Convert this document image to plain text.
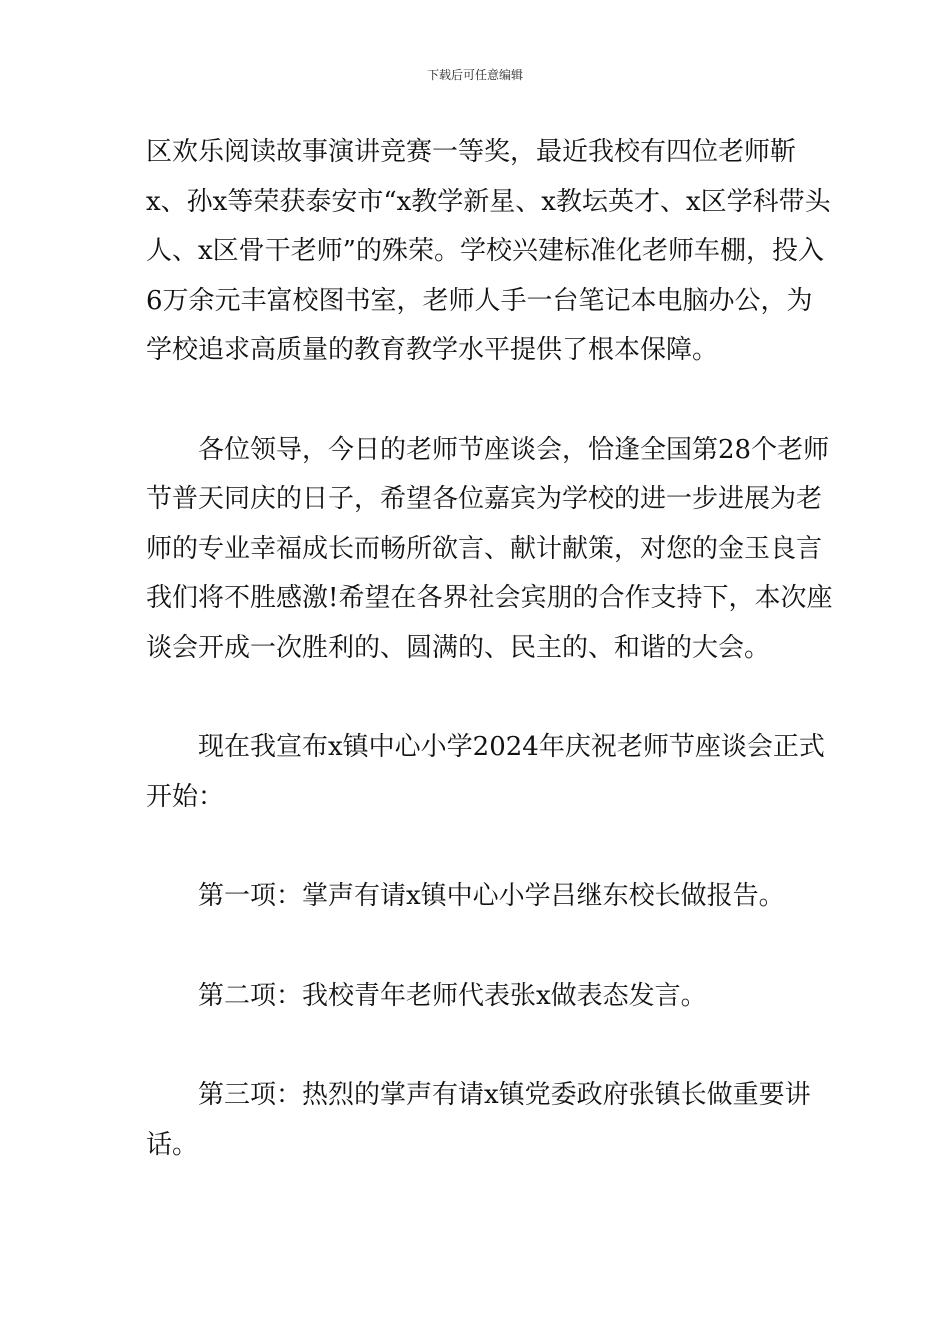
下载后可任意编辑

区欢乐阅读故事演讲竞赛一等奖，最近我校有四位老师靳x、孙x等荣获泰安市“x教学新星、x教坛英才、x区学科带头人、x区骨干老师”的殊荣。学校兴建标准化老师车棚，投入6万余元丰富校图书室，老师人手一台笔记本电脑办公，为学校追求高质量的教育教学水平提供了根本保障。

　　各位领导，今日的老师节座谈会，恰逢全国第28个老师节普天同庆的日子，希望各位嘉宾为学校的进一步进展为老师的专业幸福成长而畅所欲言、献计献策，对您的金玉良言我们将不胜感激!希望在各界社会宾朋的合作支持下，本次座谈会开成一次胜利的、圆满的、民主的、和谐的大会。

　　现在我宣布x镇中心小学2024年庆祝老师节座谈会正式开始：

　　第一项：掌声有请x镇中心小学吕继东校长做报告。

　　第二项：我校青年老师代表张x做表态发言。

　　第三项：热烈的掌声有请x镇党委政府张镇长做重要讲话。
